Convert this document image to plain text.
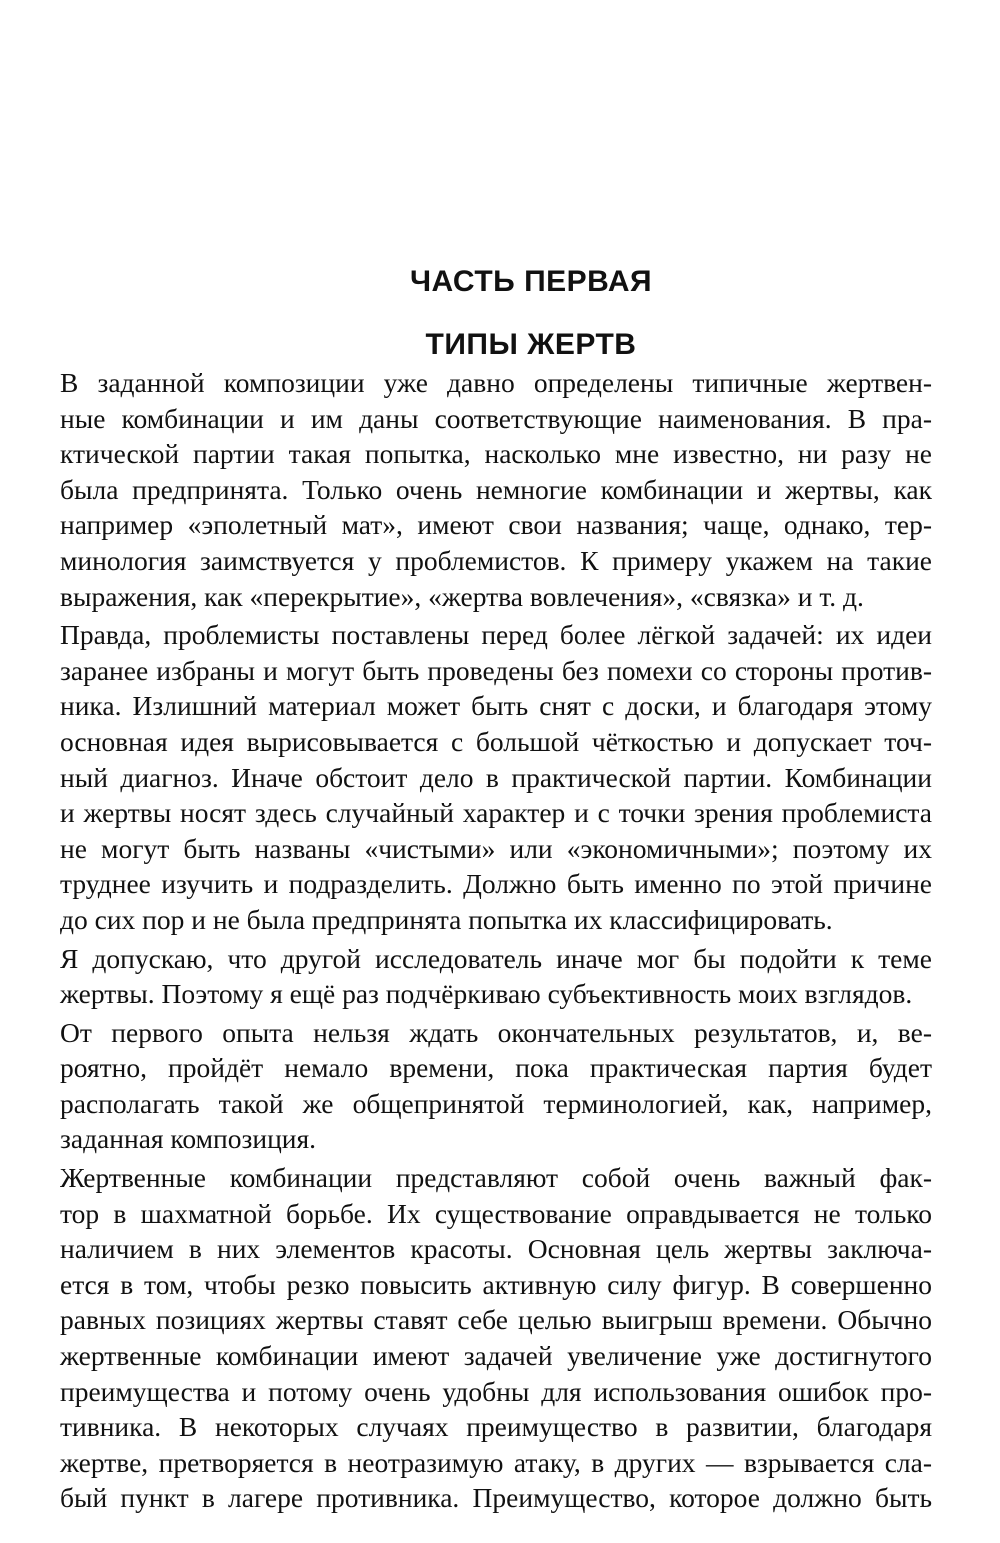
ЧАСТЬ ПЕРВАЯ
ТИПЫ ЖЕРТВ

В заданной композиции уже давно определены типичные жертвен-
ные комбинации и им даны соответствующие наименования. В пра-
ктической партии такая попытка, насколько мне известно, ни разу не
была предпринята. Только очень немногие комбинации и жертвы, как
например «эполетный мат», имеют свои названия; чаще, однако, тер-
минология заимствуется у проблемистов. К примеру укажем на такие
выражения, как «перекрытие», «жертва вовлечения», «связка» и т. д.

Правда, проблемисты поставлены перед более лёгкой задачей: их идеи
заранее избраны и могут быть проведены без помехи со стороны против-
ника. Излишний материал может быть снят с доски, и благодаря этому
основная идея вырисовывается с большой чёткостью и допускает точ-
ный диагноз. Иначе обстоит дело в практической партии. Комбинации
и жертвы носят здесь случайный характер и с точки зрения проблемиста
не могут быть названы «чистыми» или «экономичными»; поэтому их
труднее изучить и подразделить. Должно быть именно по этой причине
до сих пор и не была предпринята попытка их классифицировать.

Я допускаю, что другой исследователь иначе мог бы подойти к теме
жертвы. Поэтому я ещё раз подчёркиваю субъективность моих взглядов.

От первого опыта нельзя ждать окончательных результатов, и, ве-
роятно, пройдёт немало времени, пока практическая партия будет
располагать такой же общепринятой терминологией, как, например,
заданная композиция.

Жертвенные комбинации представляют собой очень важный фак-
тор в шахматной борьбе. Их существование оправдывается не только
наличием в них элементов красоты. Основная цель жертвы заключа-
ется в том, чтобы резко повысить активную силу фигур. В совершенно
равных позициях жертвы ставят себе целью выигрыш времени. Обычно
жертвенные комбинации имеют задачей увеличение уже достигнутого
преимущества и потому очень удобны для использования ошибок про-
тивника. В некоторых случаях преимущество в развитии, благодаря
жертве, претворяется в неотразимую атаку, в других — взрывается сла-
бый пункт в лагере противника. Преимущество, которое должно быть
